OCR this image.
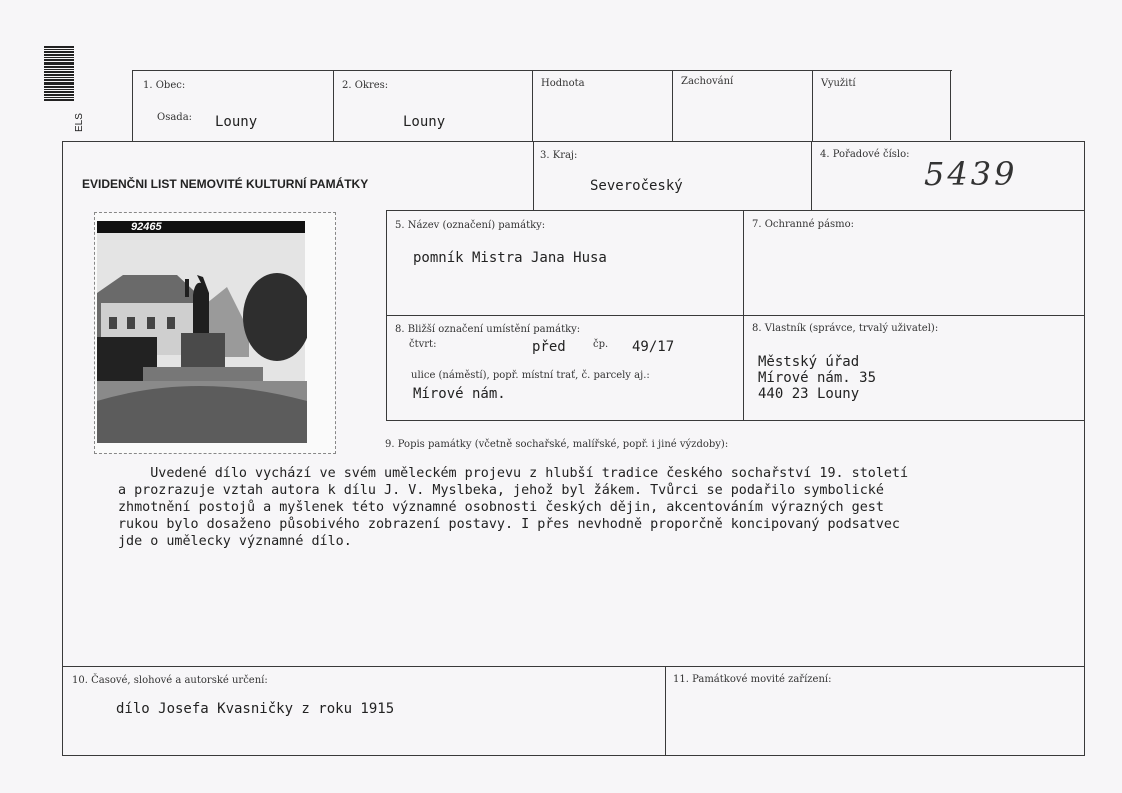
ELS
1. Obec:
Osada: Louny
2. Okres:
Louny
Hodnota	Zachování	Využití
EVIDENČNI LIST NEMOVITÉ KULTURNÍ PAMÁTKY
3. Kraj:
Severočeský
4. Pořadové číslo:
5439
92465	5. Název (označení) památky:
pomník Mistra Jana Husa
7. Ochranné pásmo:
8. Bližší označení umístění památky:
čtvrt:	před	čp. 49/17
ulice (náměstí), popř. místní trať, č. parcely aj.:
Mírové nám.
8. Vlastník (správce, trvalý uživatel):
Městský úřad
Mírové nám. 35
440 23 Louny
9. Popis památky (včetně sochařské, malířské, popř. i jiné výzdoby):
Uvedené dílo vychází ve svém uměleckém projevu z hlubší tradice českého sochařství 19. století
a prozrazuje vztah autora k dílu J. V. Myslbeka, jehož byl žákem. Tvůrci se podařilo symbolické
zhmotnění postojů a myšlenek této významné osobnosti českých dějin, akcentováním výrazných gest
rukou bylo dosaženo působivého zobrazení postavy. I přes nevhodně proporčně koncipovaný podsatvec
jde o umělecky významné dílo.
10. Časové, slohové a autorské určení:
dílo Josefa Kvasničky z roku 1915
11. Památkové movité zařízení:
